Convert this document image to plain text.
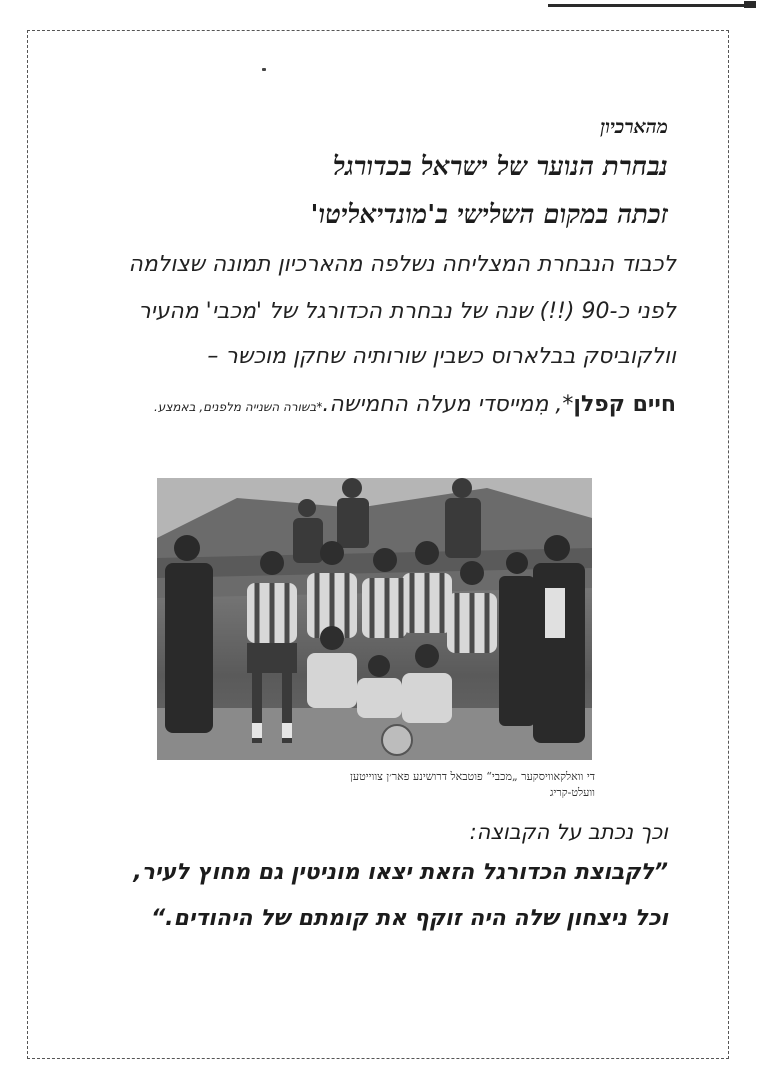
מהארכיון
נבחרת הנוער של ישראל בכדורגל
זכתה במקום השלישי ב'מונדיאליטו'
לכבוד הנבחרת המצליחה נשלפה מהארכיון תמונה שצולמה
לפני כ-90 (!!) שנה של נבחרת הכדורגל של 'מכבי' מהעיר
וולקוביסק בבלארוס כשבין שורותיה שחקן מוכשר –
חיים קפלן*, מִמייסדי מעלה החמישה.*בשורה השנייה מלפנים, באמצע.
די וואלקאוויסקער „מכבי“ פוטבאל דרושינע פאר׳ן צווייטען
וועלט-קריג
וכך נכתב על הקבוצה:
”לקבוצת הכדורגל הזאת יצאו מוניטין גם מחוץ לעיר,
וכל ניצחון שלה היה זוקף את קומתם של היהודים.“
